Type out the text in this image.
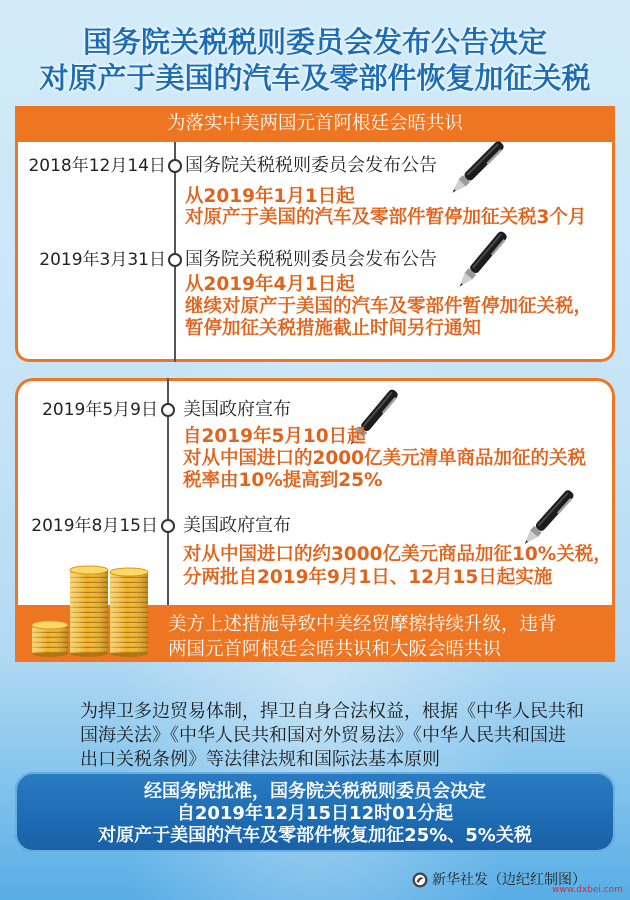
国务院关税税则委员会发布公告决定
对原产于美国的汽车及零部件恢复加征关税
为落实中美两国元首阿根廷会晤共识
2018年12月14日 国务院关税税则委员会发布公告
从2019年1月1日起
对原产于美国的汽车及零部件暂停加征关税3个月
2019年3月31日 国务院关税税则委员会发布公告
从2019年4月1日起
继续对原产于美国的汽车及零部件暂停加征关税，
暂停加征关税措施截止时间另行通知
2019年5月9日 美国政府宣布
自2019年5月10日起
对从中国进口的2000亿美元清单商品加征的关税
税率由10%提高到25%
2019年8月15日 美国政府宣布
对从中国进口的约3000亿美元商品加征10%关税，
分两批自2019年9月1日、12月15日起实施
美方上述措施导致中美经贸摩擦持续升级，违背
两国元首阿根廷会晤共识和大阪会晤共识
为捍卫多边贸易体制，捍卫自身合法权益，根据《中华人民共和
国海关法》《中华人民共和国对外贸易法》《中华人民共和国进
出口关税条例》等法律法规和国际法基本原则
经国务院批准，国务院关税税则委员会决定
自2019年12月15日12时01分起
对原产于美国的汽车及零部件恢复加征25%、5%关税
新华社发（边纪红制图）
www.dxbei.com
